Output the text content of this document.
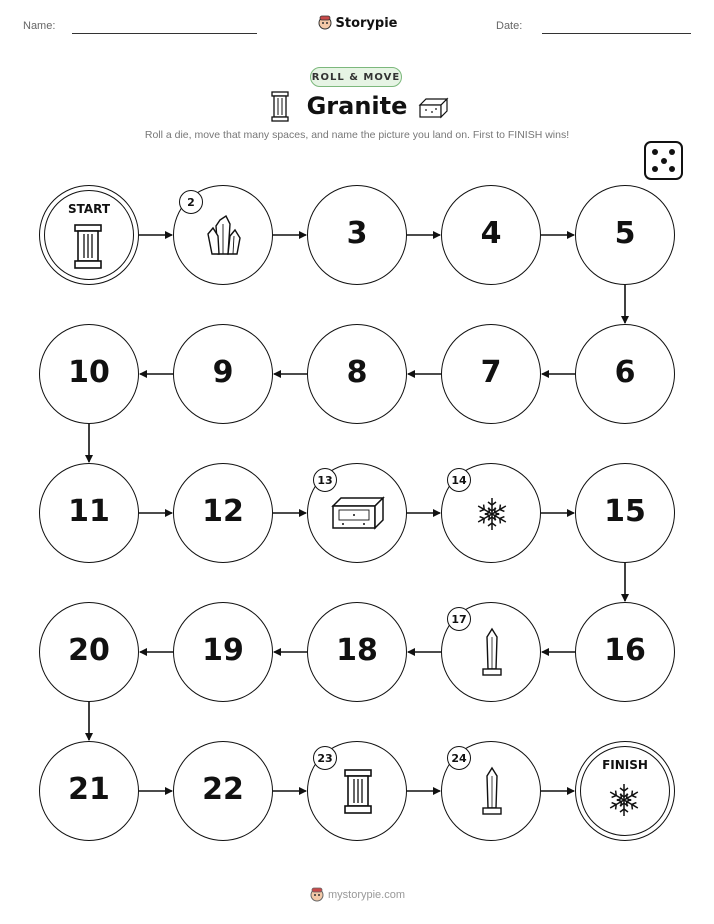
Name:	Storypie	Date:
ROLL & MOVE
Granite
Roll a die, move that many spaces, and name the picture you land on. First to FINISH wins!
START	2
3	4	5
6
7
8
9
10
11	12
13	14
15
16
17
18
19
20
21	22
23	24	FINISH
mystorypie.com
